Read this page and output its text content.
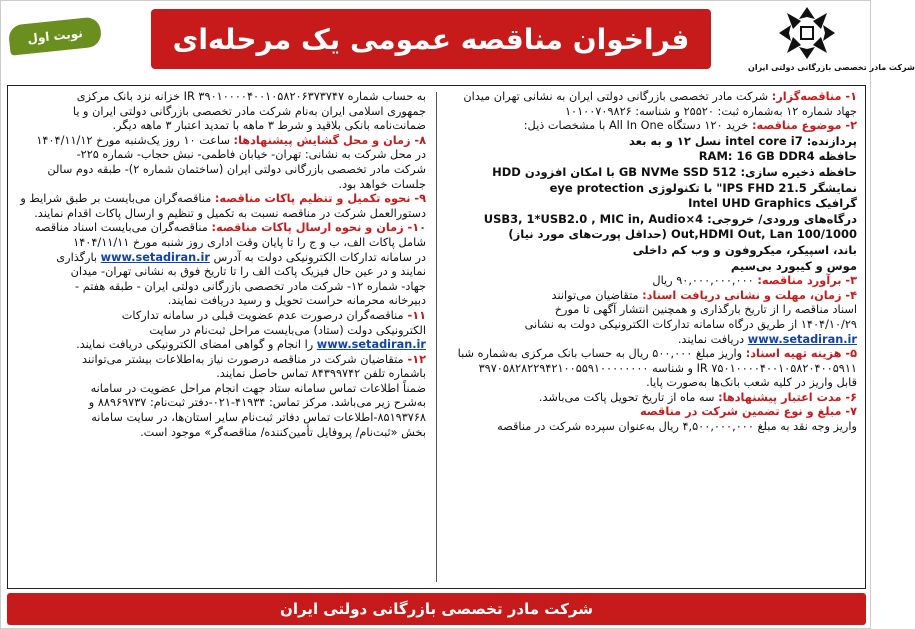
نوبت اول	فراخوان مناقصه عمومی یک مرحله‌ای
شرکت مادر تخصصی بازرگانی دولتی ایران
۱- مناقصه‌گزار: شرکت مادر تخصصی بازرگانی دولتی ایران به نشانی تهران میدان
جهاد شماره ۱۲ به‌شماره ثبت: ۲۵۵۲۰ و شناسه: ۱۰۱۰۰۷۰۹۸۲۶
۲- موضوع مناقصه: خرید ۱۲۰ دستگاه All In One با مشخصات ذیل:
پردازنده: intel core i7 نسل ۱۲ و به بعد
حافظه RAM: 16 GB DDR4
حافظه ذخیره سازی: 512 GB NVMe SSD با امکان افزودن HDD
نمایشگر IPS FHD 21.5" با تکنولوژی eye protection
گرافیک Intel UHD Graphics
درگاه‌های ورودی/ خروجی: 4×USB3, 1*USB2.0 , MIC in, Audio
Out,HDMI Out, Lan 100/1000 (حداقل پورت‌های مورد نیاز)
باند، اسپیکر، میکروفون و وب کم داخلی
موس و کیبورد بی‌سیم
۳- برآورد مناقصه: ۹۰,۰۰۰,۰۰۰,۰۰۰ ریال
۴- زمان، مهلت و نشانی دریافت اسناد: متقاضیان می‌توانند
اسناد مناقصه را از تاریخ بارگذاری و همچنین انتشار آگهی تا مورخ
۱۴۰۴/۱۰/۲۹ از طریق درگاه سامانه تدارکات الکترونیکی دولت به نشانی
www.setadiran.ir دریافت نمایند.
۵- هزینه تهیه اسناد: واریز مبلغ ۵۰۰,۰۰۰ ریال به حساب بانک مرکزی به‌شماره شبا
IR ۷۵۰۱۰۰۰۰۴۰۰۱۰۵۸۲۰۴۰۰۵۹۱۱ و شناسه ۳۹۷۰۵۸۲۸۲۲۹۴۲۱۰۰۵۵۹۱۰۰۰۰۰۰۰۰
قابل واریز در کلیه شعب بانک‌ها به‌صورت پایا.
۶- مدت اعتبار پیشنهادها: سه ماه از تاریخ تحویل پاکت می‌باشد.
۷- مبلغ و نوع تضمین شرکت در مناقصه
واریز وجه نقد به مبلغ ۴,۵۰۰,۰۰۰,۰۰۰ ریال به‌عنوان سپرده شرکت در مناقصه
به حساب شماره IR ۳۹۰۱۰۰۰۰۴۰۰۱۰۵۸۲۰۶۳۷۳۷۴۷ خزانه نزد بانک مرکزی
جمهوری اسلامی ایران به‌نام شرکت مادر تخصصی بازرگانی دولتی ایران و یا
ضمانت‌نامه بانکی بلاقید و شرط ۳ ماهه با تمدید اعتبار ۳ ماهه دیگر.
۸- زمان و محل گشایش پیشنهادها: ساعت ۱۰ روز یک‌شنبه مورخ ۱۴۰۴/۱۱/۱۲
در محل شرکت به نشانی: تهران- خیابان فاطمی- نبش حجاب- شماره ۲۲۵-
شرکت مادر تخصصی بازرگانی دولتی ایران (ساختمان شماره ۲)- طبقه دوم سالن
جلسات خواهد بود.
۹- نحوه تکمیل و تنظیم پاکات مناقصه: مناقصه‌گران می‌بایست بر طبق شرایط و
دستورالعمل شرکت در مناقصه نسبت به تکمیل و تنظیم و ارسال پاکات اقدام نمایند.
۱۰- زمان و نحوه ارسال پاکات مناقصه: مناقصه‌گران می‌بایست اسناد مناقصه
شامل پاکات الف، ب و ج را تا پایان وقت اداری روز شنبه مورخ ۱۴۰۴/۱۱/۱۱
در سامانه تدارکات الکترونیکی دولت به آدرس www.setadiran.ir بارگذاری
نمایند و در عین حال فیزیک پاکت الف را تا تاریخ فوق به نشانی تهران- میدان
جهاد- شماره ۱۲- شرکت مادر تخصصی بازرگانی دولتی ایران - طبقه هفتم -
دبیرخانه محرمانه حراست تحویل و رسید دریافت نمایند.
۱۱- مناقصه‌گران درصورت عدم عضویت قبلی در سامانه تدارکات
الکترونیکی دولت (ستاد) می‌بایست مراحل ثبت‌نام در سایت
www.setadiran.ir را انجام و گواهی امضای الکترونیکی دریافت نمایند.
۱۲- متقاضیان شرکت در مناقصه درصورت نیاز به‌اطلاعات بیشتر می‌توانند
باشماره تلفن ۸۴۳۹۹۷۴۲ تماس حاصل نمایند.
ضمناً اطلاعات تماس سامانه ستاد جهت انجام مراحل عضویت در سامانه
به‌شرح زیر می‌باشد. مرکز تماس: ۴۱۹۳۴-۰۲۱-دفتر ثبت‌نام: ۸۸۹۶۹۷۳۷ و
۸۵۱۹۳۷۶۸-اطلاعات تماس دفاتر ثبت‌نام سایر استان‌ها، در سایت سامانه
بخش «ثبت‌نام/ پروفایل تأمین‌کننده/ مناقصه‌گر» موجود است.
شرکت مادر تخصصی بازرگانی دولتی ایران
